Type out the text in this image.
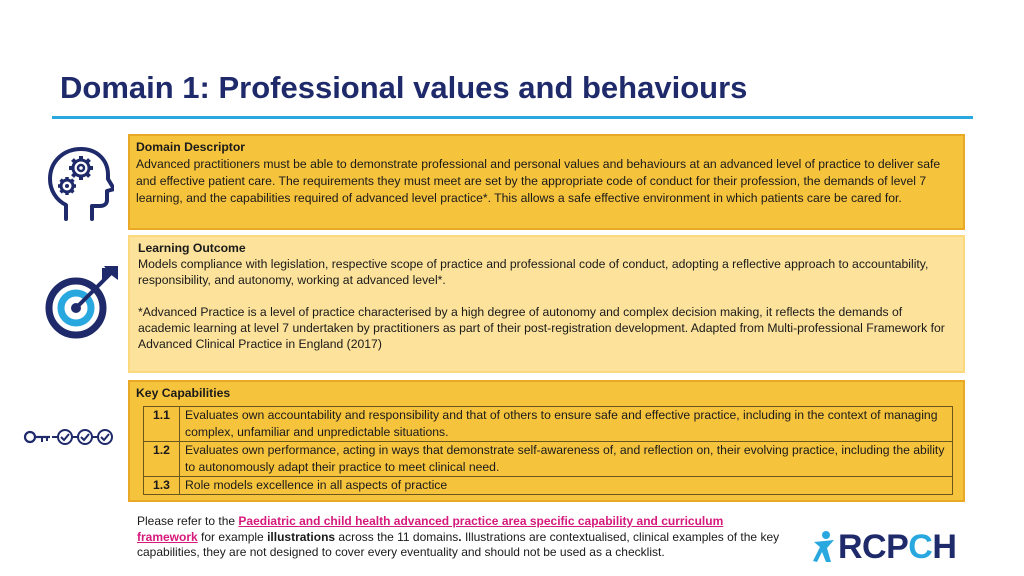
Domain 1: Professional values and behaviours
Domain Descriptor
Advanced practitioners must be able to demonstrate professional and personal values and behaviours at an advanced level of practice to deliver safe and effective patient care. The requirements they must meet are set by the appropriate code of conduct for their profession, the demands of level 7 learning, and the capabilities required of advanced level practice*. This allows a safe effective environment in which patients care be cared for.
Learning Outcome
Models compliance with legislation, respective scope of practice and professional code of conduct, adopting a reflective approach to accountability, responsibility, and autonomy, working at advanced level*.
*Advanced Practice is a level of practice characterised by a high degree of autonomy and complex decision making, it reflects the demands of academic learning at level 7 undertaken by practitioners as part of their post-registration development. Adapted from Multi-professional Framework for Advanced Clinical Practice in England (2017)
Key Capabilities
1.1	Evaluates own accountability and responsibility and that of others to ensure safe and effective practice, including in the context of managing complex, unfamiliar and unpredictable situations.
1.2	Evaluates own performance, acting in ways that demonstrate self-awareness of, and reflection on, their evolving practice, including the ability to autonomously adapt their practice to meet clinical need.
1.3	Role models excellence in all aspects of practice
Please refer to the Paediatric and child health advanced practice area specific capability and curriculum framework for example illustrations across the 11 domains. Illustrations are contextualised, clinical examples of the key capabilities, they are not designed to cover every eventuality and should not be used as a checklist.	RCPCH
